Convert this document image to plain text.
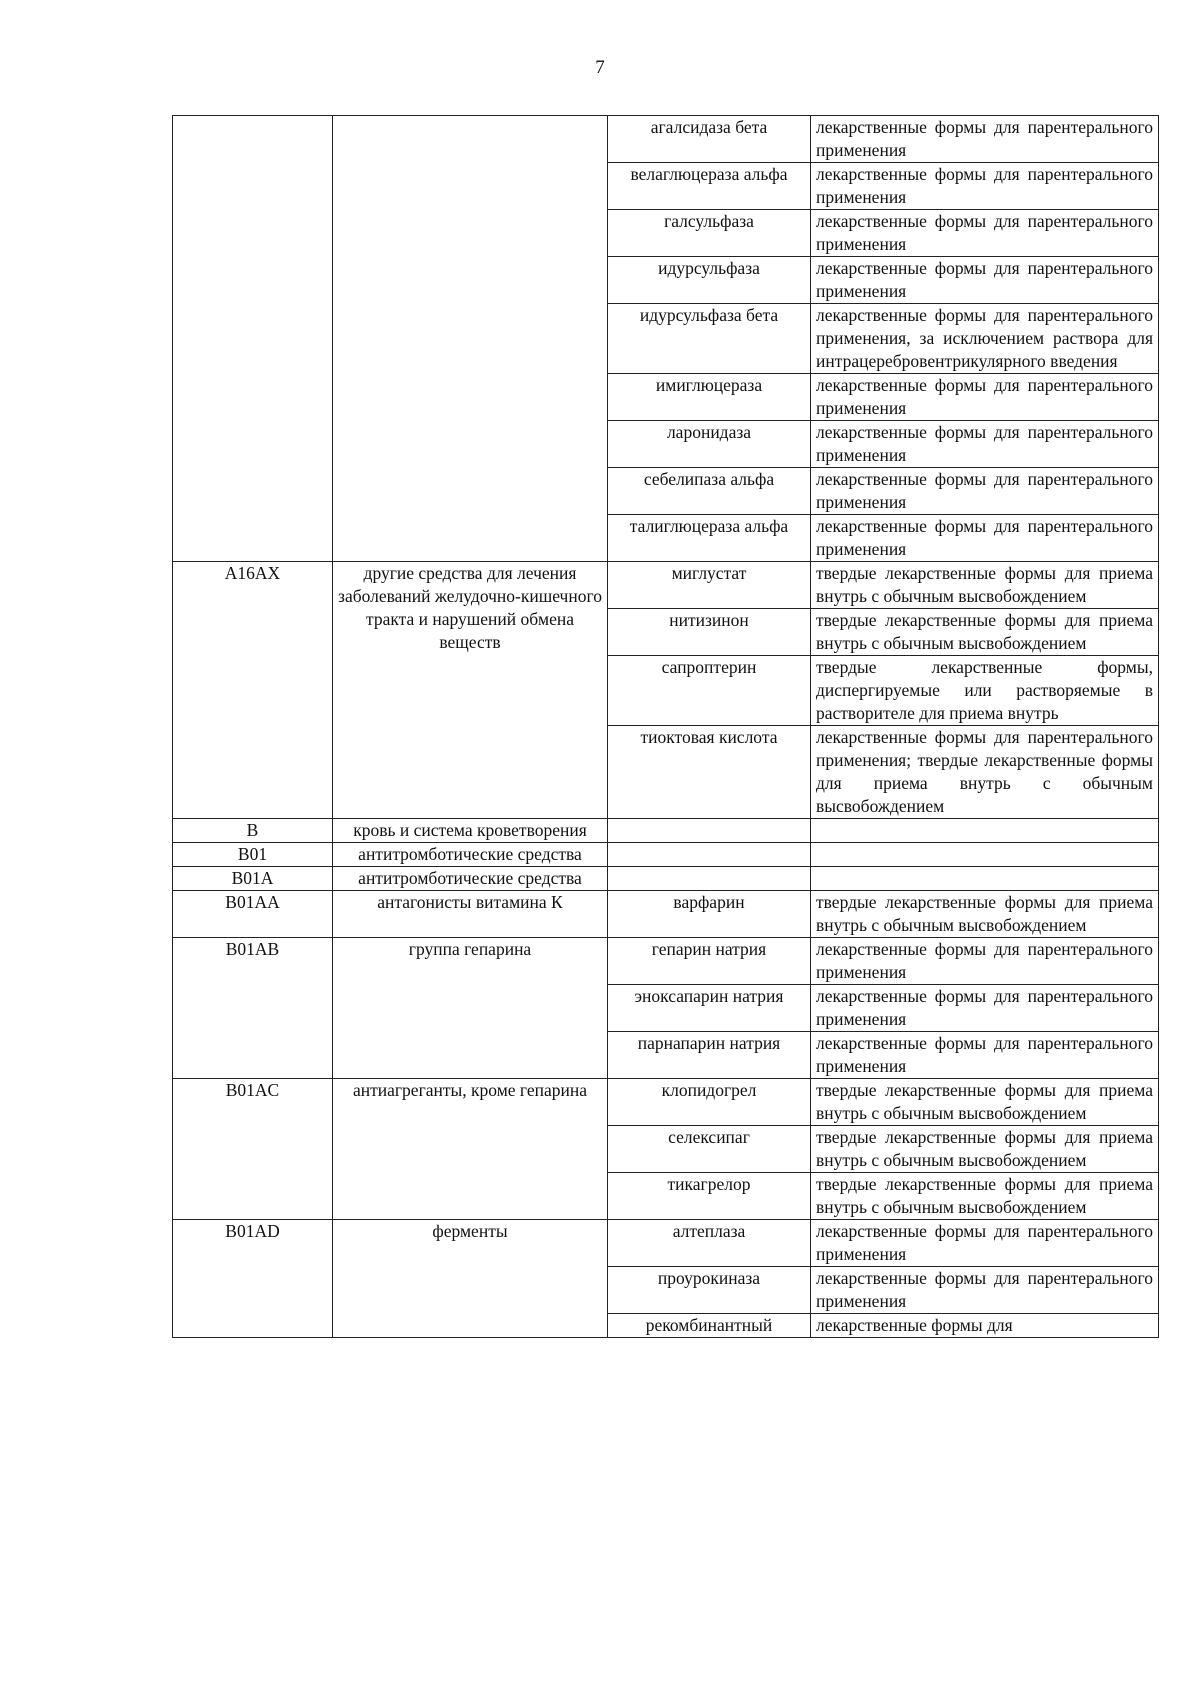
7
		агалсидаза бета	лекарственные формы для парентерального применения
		велаглюцераза альфа	лекарственные формы для парентерального применения
		галсульфаза	лекарственные формы для парентерального применения
		идурсульфаза	лекарственные формы для парентерального применения
		идурсульфаза бета	лекарственные формы для парентерального применения, за исключением раствора для интрацеребровентрикулярного введения
		имиглюцераза	лекарственные формы для парентерального применения
		ларонидаза	лекарственные формы для парентерального применения
		себелипаза альфа	лекарственные формы для парентерального применения
		талиглюцераза альфа	лекарственные формы для парентерального применения
A16AX	другие средства для лечения заболеваний желудочно-кишечного тракта и нарушений обмена веществ	миглустат	твердые лекарственные формы для приема внутрь с обычным высвобождением
		нитизинон	твердые лекарственные формы для приема внутрь с обычным высвобождением
		сапроптерин	твердые лекарственные формы, диспергируемые или растворяемые в растворителе для приема внутрь
		тиоктовая кислота	лекарственные формы для парентерального применения; твердые лекарственные формы для приема внутрь с обычным высвобождением
B	кровь и система кроветворения		
B01	антитромботические средства		
B01A	антитромботические средства		
B01AA	антагонисты витамина К	варфарин	твердые лекарственные формы для приема внутрь с обычным высвобождением
B01AB	группа гепарина	гепарин натрия	лекарственные формы для парентерального применения
		эноксапарин натрия	лекарственные формы для парентерального применения
		парнапарин натрия	лекарственные формы для парентерального применения
B01AC	антиагреганты, кроме гепарина	клопидогрел	твердые лекарственные формы для приема внутрь с обычным высвобождением
		селексипаг	твердые лекарственные формы для приема внутрь с обычным высвобождением
		тикагрелор	твердые лекарственные формы для приема внутрь с обычным высвобождением
B01AD	ферменты	алтеплаза	лекарственные формы для парентерального применения
		проурокиназа	лекарственные формы для парентерального применения
		рекомбинантный	лекарственные формы для
